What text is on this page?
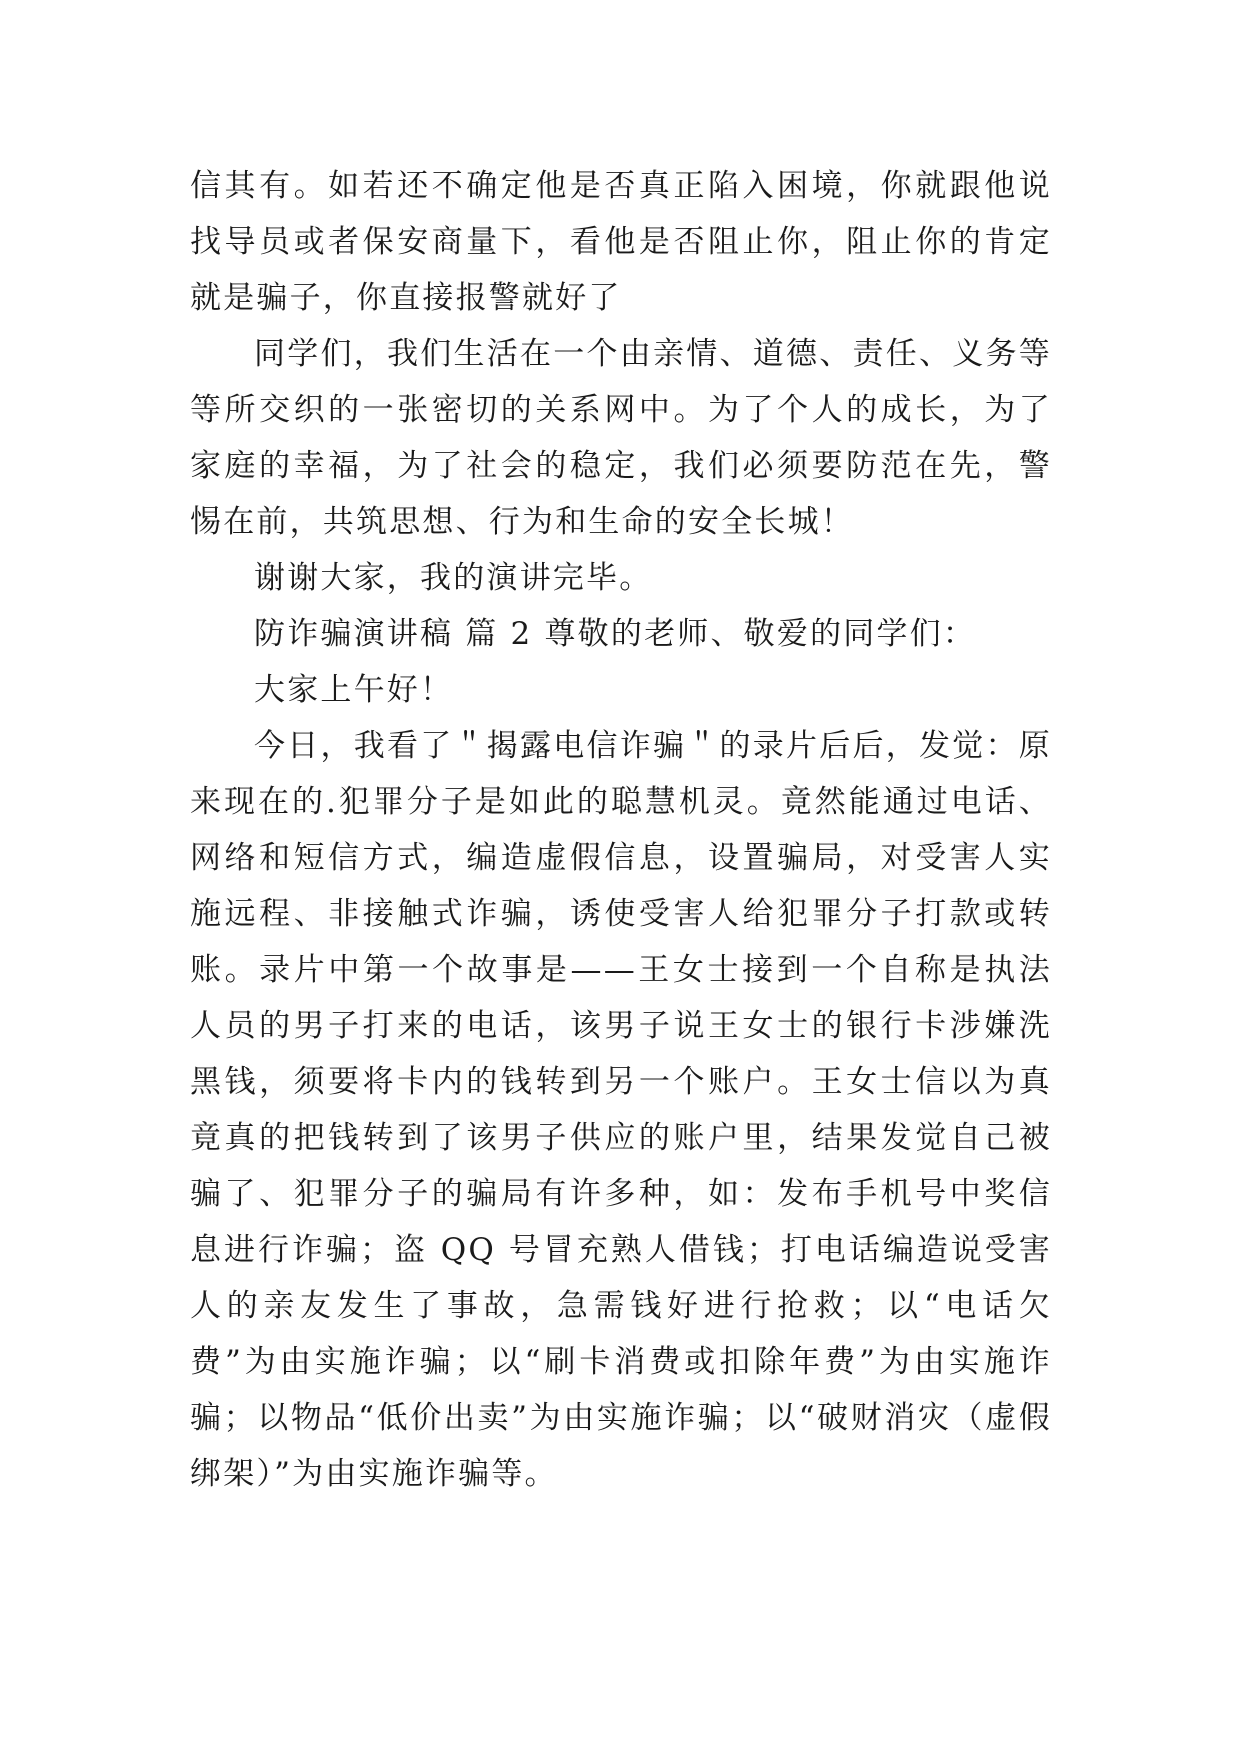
信其有。如若还不确定他是否真正陷入困境，你就跟他说找导员或者保安商量下，看他是否阻止你，阻止你的肯定就是骗子，你直接报警就好了

同学们，我们生活在一个由亲情、道德、责任、义务等等所交织的一张密切的关系网中。为了个人的成长，为了家庭的幸福，为了社会的稳定，我们必须要防范在先，警惕在前，共筑思想、行为和生命的安全长城！

谢谢大家，我的演讲完毕。

防诈骗演讲稿 篇 2 尊敬的老师、敬爱的同学们：

大家上午好！

今日，我看了＂揭露电信诈骗＂的录片后后，发觉：原来现在的.犯罪分子是如此的聪慧机灵。竟然能通过电话、网络和短信方式，编造虚假信息，设置骗局，对受害人实施远程、非接触式诈骗，诱使受害人给犯罪分子打款或转账。录片中第一个故事是——王女士接到一个自称是执法人员的男子打来的电话，该男子说王女士的银行卡涉嫌洗黑钱，须要将卡内的钱转到另一个账户。王女士信以为真竟真的把钱转到了该男子供应的账户里，结果发觉自己被骗了、犯罪分子的骗局有许多种，如：发布手机号中奖信息进行诈骗；盗 QQ 号冒充熟人借钱；打电话编造说受害人的亲友发生了事故，急需钱好进行抢救；以“电话欠费”为由实施诈骗；以“刷卡消费或扣除年费”为由实施诈骗；以物品“低价出卖”为由实施诈骗；以“破财消灾（虚假绑架）”为由实施诈骗等。
